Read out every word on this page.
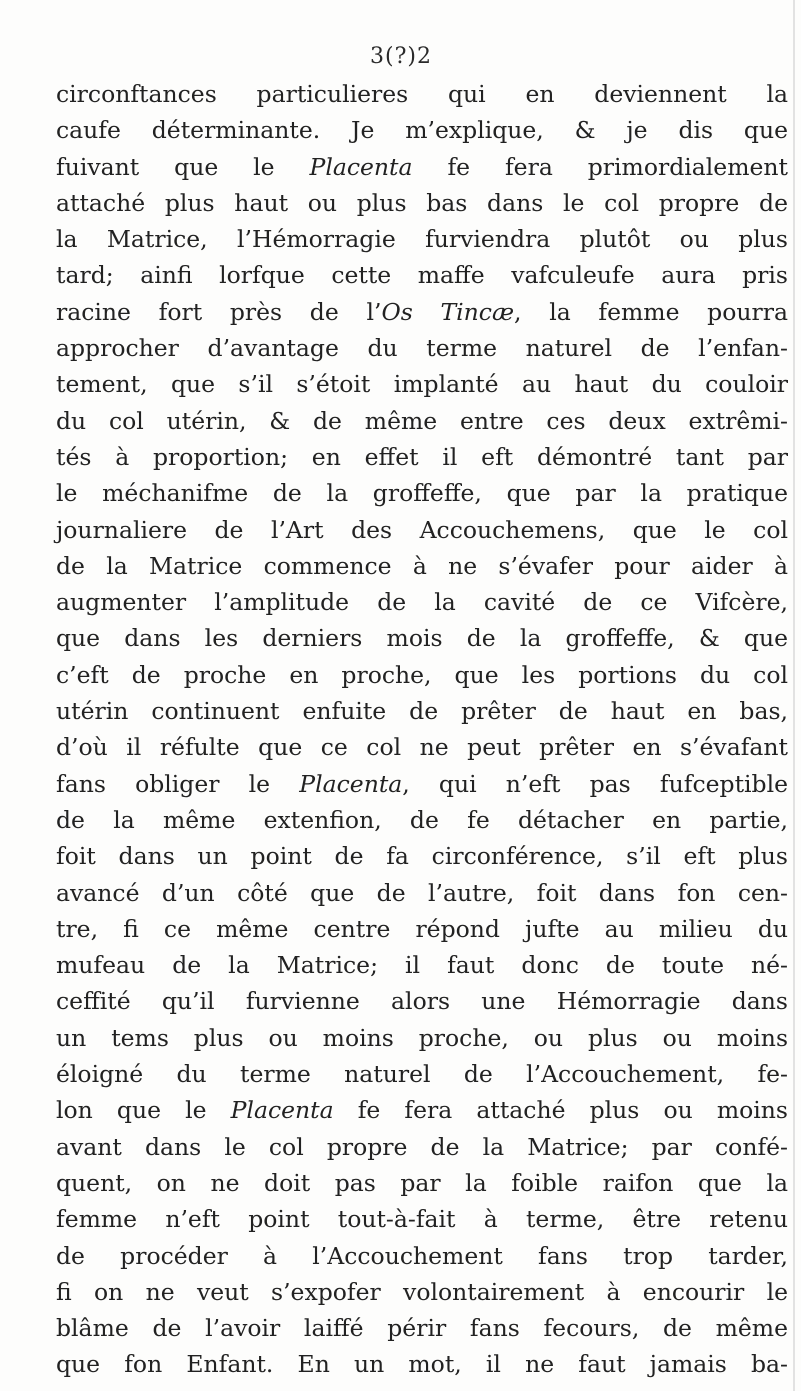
3(?)2
circonftances particulieres qui en deviennent la
caufe déterminante. Je m’explique, & je dis que
fuivant que le Placenta fe fera primordialement
attaché plus haut ou plus bas dans le col propre de
la Matrice, l’Hémorragie furviendra plutôt ou plus
tard; ainfi lorfque cette maffe vafculeufe aura pris
racine fort près de l’Os Tincæ, la femme pourra
approcher d’avantage du terme naturel de l’enfan-
tement, que s’il s’étoit implanté au haut du couloir
du col utérin, & de même entre ces deux extrêmi-
tés à proportion; en effet il eft démontré tant par
le méchanifme de la groffeffe, que par la pratique
journaliere de l’Art des Accouchemens, que le col
de la Matrice commence à ne s’évafer pour aider à
augmenter l’amplitude de la cavité de ce Vifcère,
que dans les derniers mois de la groffeffe, & que
c’eft de proche en proche, que les portions du col
utérin continuent enfuite de prêter de haut en bas,
d’où il réfulte que ce col ne peut prêter en s’évafant
fans obliger le Placenta, qui n’eft pas fufceptible
de la même extenfion, de fe détacher en partie,
foit dans un point de fa circonférence, s’il eft plus
avancé d’un côté que de l’autre, foit dans fon cen-
tre, fi ce même centre répond jufte au milieu du
mufeau de la Matrice; il faut donc de toute né-
ceffité qu’il furvienne alors une Hémorragie dans
un tems plus ou moins proche, ou plus ou moins
éloigné du terme naturel de l’Accouchement, fe-
lon que le Placenta fe fera attaché plus ou moins
avant dans le col propre de la Matrice; par confé-
quent, on ne doit pas par la foible raifon que la
femme n’eft point tout-à-fait à terme, être retenu
de procéder à l’Accouchement fans trop tarder,
fi on ne veut s’expofer volontairement à encourir le
blâme de l’avoir laiffé périr fans fecours, de même
que fon Enfant. En un mot, il ne faut jamais ba-
